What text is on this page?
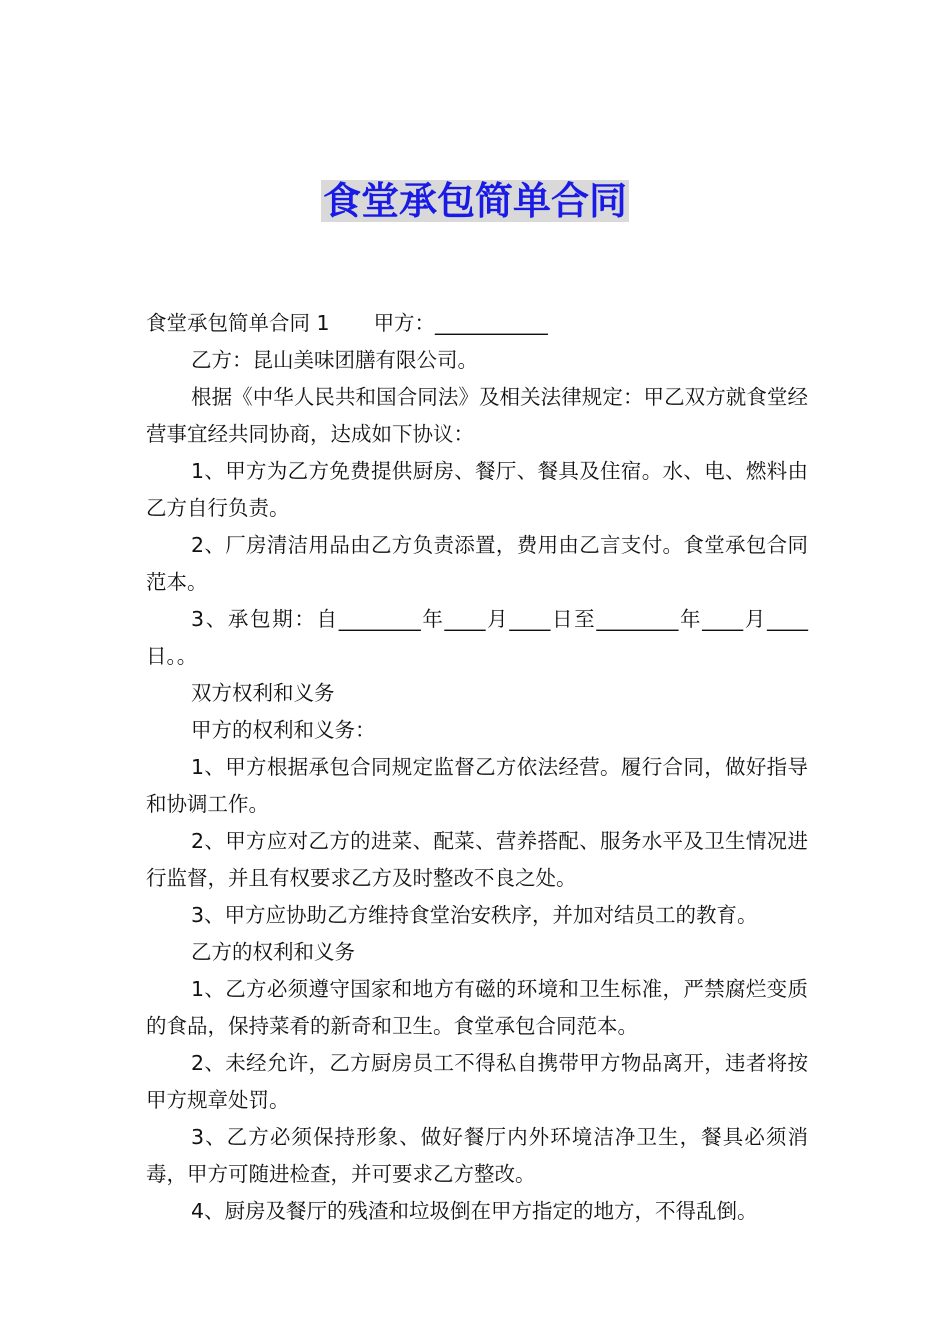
食堂承包简单合同

食堂承包简单合同 1 甲方：___________

乙方：昆山美味团膳有限公司。

根据《中华人民共和国合同法》及相关法律规定：甲乙双方就食堂经营事宜经共同协商，达成如下协议：

1、甲方为乙方免费提供厨房、餐厅、餐具及住宿。水、电、燃料由乙方自行负责。

2、厂房清洁用品由乙方负责添置，费用由乙言支付。食堂承包合同范本。

3、承包期：自________年____月____日至________年____月____日。。

双方权利和义务

甲方的权利和义务：

1、甲方根据承包合同规定监督乙方依法经营。履行合同，做好指导和协调工作。

2、甲方应对乙方的进菜、配菜、营养搭配、服务水平及卫生情况进行监督，并且有权要求乙方及时整改不良之处。

3、甲方应协助乙方维持食堂治安秩序，并加对结员工的教育。

乙方的权利和义务

1、乙方必须遵守国家和地方有磁的环境和卫生标准，严禁腐烂变质的食品，保持菜肴的新奇和卫生。食堂承包合同范本。

2、未经允许，乙方厨房员工不得私自携带甲方物品离开，违者将按甲方规章处罚。

3、乙方必须保持形象、做好餐厅内外环境洁净卫生，餐具必须消毒，甲方可随进检查，并可要求乙方整改。

4、厨房及餐厅的残渣和垃圾倒在甲方指定的地方，不得乱倒。
